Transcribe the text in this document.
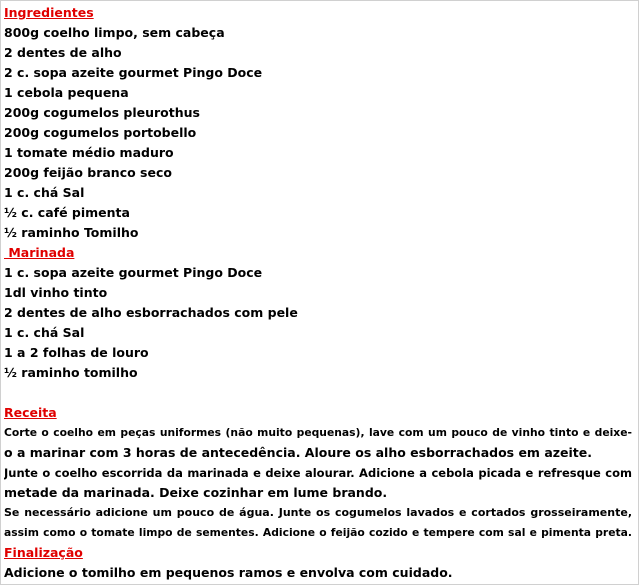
Ingredientes
800g coelho limpo, sem cabeça
2 dentes de alho
2 c. sopa azeite gourmet Pingo Doce
1 cebola pequena
200g cogumelos pleurothus
200g cogumelos portobello
1 tomate médio maduro
200g feijão branco seco
1 c. chá Sal
½ c. café pimenta
½ raminho Tomilho
Marinada
1 c. sopa azeite gourmet Pingo Doce
1dl vinho tinto
2 dentes de alho esborrachados com pele
1 c. chá Sal
1 a 2 folhas de louro
½ raminho tomilho
Receita
Corte o coelho em peças uniformes (não muito pequenas), lave com um pouco de vinho tinto e deixe-
o a marinar com 3 horas de antecedência. Aloure os alho esborrachados em azeite.
Junte o coelho escorrida da marinada e deixe alourar. Adicione a cebola picada e refresque com
metade da marinada. Deixe cozinhar em lume brando.
Se necessário adicione um pouco de água. Junte os cogumelos lavados e cortados grosseiramente,
assim como o tomate limpo de sementes. Adicione o feijão cozido e tempere com sal e pimenta preta.
Finalização
Adicione o tomilho em pequenos ramos e envolva com cuidado.
